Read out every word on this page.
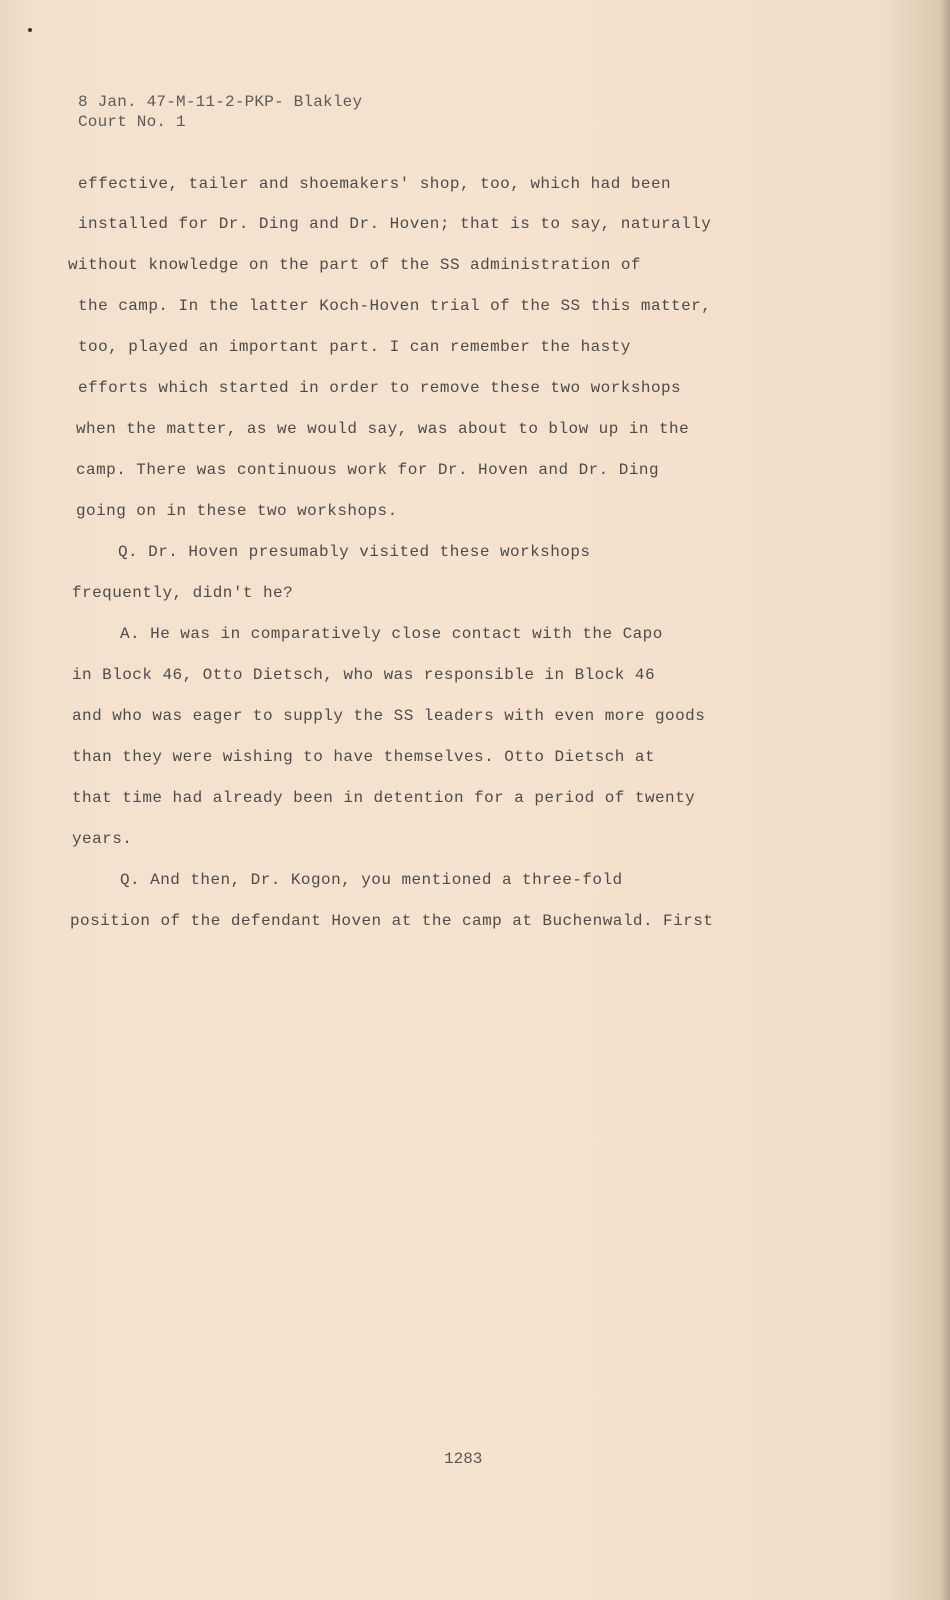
8 Jan. 47-M-11-2-PKP- Blakley
Court No. 1
effective, tailer and shoemakers' shop, too, which had been
installed for Dr. Ding and Dr. Hoven; that is to say, naturally
without knowledge on the part of the SS administration of
the camp. In the latter Koch-Hoven trial of the SS this matter,
too, played an important part. I can remember the hasty
efforts which started in order to remove these two workshops
when the matter, as we would say, was about to blow up in the
camp. There was continuous work for Dr. Hoven and Dr. Ding
going on in these two workshops.
Q. Dr. Hoven presumably visited these workshops
frequently, didn't he?
A. He was in comparatively close contact with the Capo
in Block 46, Otto Dietsch, who was responsible in Block 46
and who was eager to supply the SS leaders with even more goods
than they were wishing to have themselves. Otto Dietsch at
that time had already been in detention for a period of twenty
years.
Q. And then, Dr. Kogon, you mentioned a three-fold
position of the defendant Hoven at the camp at Buchenwald. First
1283
